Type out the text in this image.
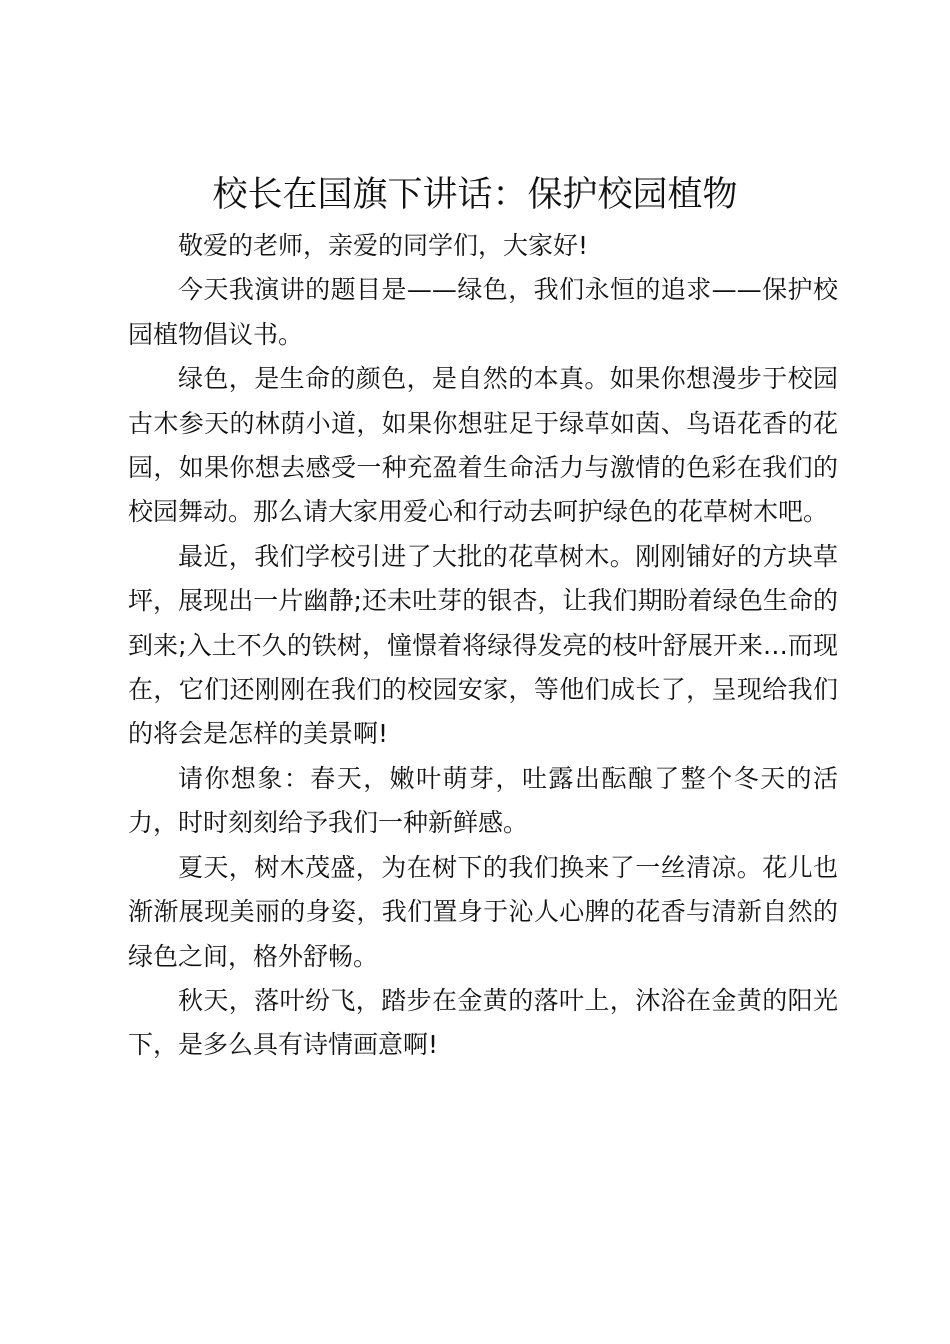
校长在国旗下讲话：保护校园植物

敬爱的老师，亲爱的同学们，大家好!

今天我演讲的题目是——绿色，我们永恒的追求——保护校园植物倡议书。

绿色，是生命的颜色，是自然的本真。如果你想漫步于校园古木参天的林荫小道，如果你想驻足于绿草如茵、鸟语花香的花园，如果你想去感受一种充盈着生命活力与激情的色彩在我们的校园舞动。那么请大家用爱心和行动去呵护绿色的花草树木吧。

最近，我们学校引进了大批的花草树木。刚刚铺好的方块草坪，展现出一片幽静;还未吐芽的银杏，让我们期盼着绿色生命的到来;入土不久的铁树，憧憬着将绿得发亮的枝叶舒展开来…而现在，它们还刚刚在我们的校园安家，等他们成长了，呈现给我们的将会是怎样的美景啊!

请你想象：春天，嫩叶萌芽，吐露出酝酿了整个冬天的活力，时时刻刻给予我们一种新鲜感。

夏天，树木茂盛，为在树下的我们换来了一丝清凉。花儿也渐渐展现美丽的身姿，我们置身于沁人心脾的花香与清新自然的绿色之间，格外舒畅。

秋天，落叶纷飞，踏步在金黄的落叶上，沐浴在金黄的阳光下，是多么具有诗情画意啊!
